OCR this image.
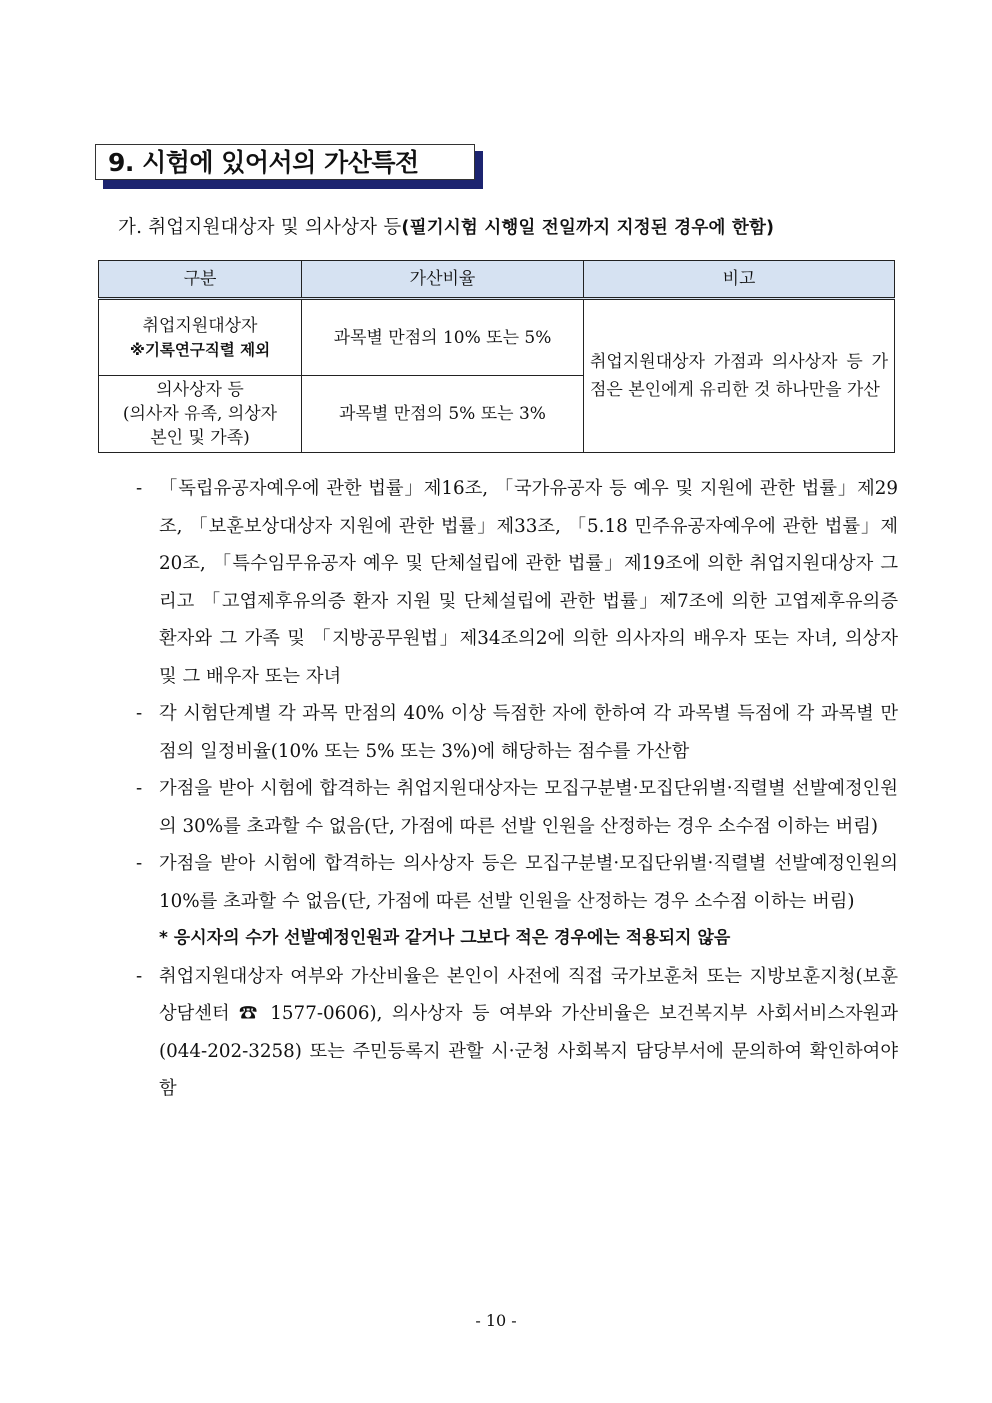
9. 시험에 있어서의 가산특전
가. 취업지원대상자 및 의사상자 등(필기시험 시행일 전일까지 지정된 경우에 한함)
구분	가산비율	비고

취업지원대상자
※기록연구직렬 제외	과목별 만점의 10% 또는 5%	취업지원대상자 가점과 의사상자 등 가점은 본인에게 유리한 것 하나만을 가산

의사상자 등
(의사자 유족, 의상자
본인 및 가족)	과목별 만점의 5% 또는 3%	
- 「독립유공자예우에 관한 법률」제16조, 「국가유공자 등 예우 및 지원에 관한 법률」제29조, 「보훈보상대상자 지원에 관한 법률」제33조, 「5.18 민주유공자예우에 관한 법률」제20조, 「특수임무유공자 예우 및 단체설립에 관한 법률」제19조에 의한 취업지원대상자 그리고 「고엽제후유의증 환자 지원 및 단체설립에 관한 법률」제7조에 의한 고엽제후유의증 환자와 그 가족 및 「지방공무원법」제34조의2에 의한 의사자의 배우자 또는 자녀, 의상자 및 그 배우자 또는 자녀
- 각 시험단계별 각 과목 만점의 40% 이상 득점한 자에 한하여 각 과목별 득점에 각 과목별 만점의 일정비율(10% 또는 5% 또는 3%)에 해당하는 점수를 가산함
- 가점을 받아 시험에 합격하는 취업지원대상자는 모집구분별·모집단위별·직렬별 선발예정인원의 30%를 초과할 수 없음(단, 가점에 따른 선발 인원을 산정하는 경우 소수점 이하는 버림)
- 가점을 받아 시험에 합격하는 의사상자 등은 모집구분별·모집단위별·직렬별 선발예정인원의 10%를 초과할 수 없음(단, 가점에 따른 선발 인원을 산정하는 경우 소수점 이하는 버림)
* 응시자의 수가 선발예정인원과 같거나 그보다 적은 경우에는 적용되지 않음
- 취업지원대상자 여부와 가산비율은 본인이 사전에 직접 국가보훈처 또는 지방보훈지청(보훈상담센터 ☎ 1577-0606), 의사상자 등 여부와 가산비율은 보건복지부 사회서비스자원과(044-202-3258) 또는 주민등록지 관할 시·군청 사회복지 담당부서에 문의하여 확인하여야 함
- 10 -
